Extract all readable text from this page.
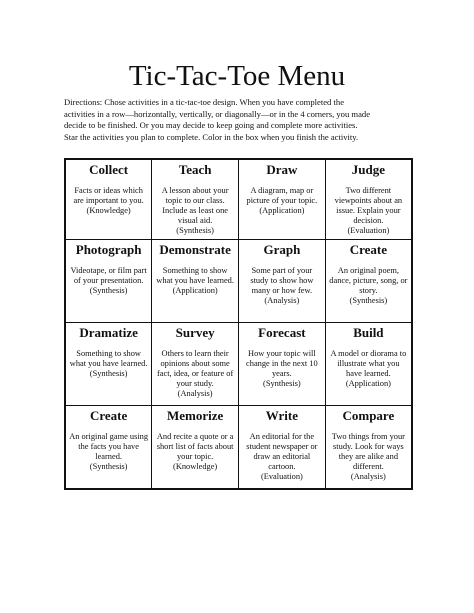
Tic-Tac-Toe Menu
Directions: Chose activities in a tic-tac-toe design. When you have completed the
activities in a row—horizontally, vertically, or diagonally—or in the 4 corners, you made
decide to be finished. Or you may decide to keep going and complete more activities.
Star the activities you plan to complete. Color in the box when you finish the activity.
Collect
Facts or ideas which are important to you.
(Knowledge)	Teach
A lesson about your topic to our class. Include as least one visual aid.
(Synthesis)	Draw
A diagram, map or picture of your topic.
(Application)	Judge
Two different viewpoints about an issue. Explain your decision.
(Evaluation)

Photograph
Videotape, or film part of your presentation.
(Synthesis)	Demonstrate
Something to show what you have learned.
(Application)	Graph
Some part of your study to show how many or how few.
(Analysis)	Create
An original poem, dance, picture, song, or story.
(Synthesis)

Dramatize
Something to show what you have learned.
(Synthesis)	Survey
Others to learn their opinions about some fact, idea, or feature of your study.
(Analysis)	Forecast
How your topic will change in the next 10 years.
(Synthesis)	Build
A model or diorama to illustrate what you have learned.
(Application)

Create
An original game using the facts you have learned.
(Synthesis)	Memorize
And recite a quote or a short list of facts about your topic.
(Knowledge)	Write
An editorial for the student newspaper or draw an editorial cartoon.
(Evaluation)	Compare
Two things from your study. Look for ways they are alike and different.
(Analysis)
